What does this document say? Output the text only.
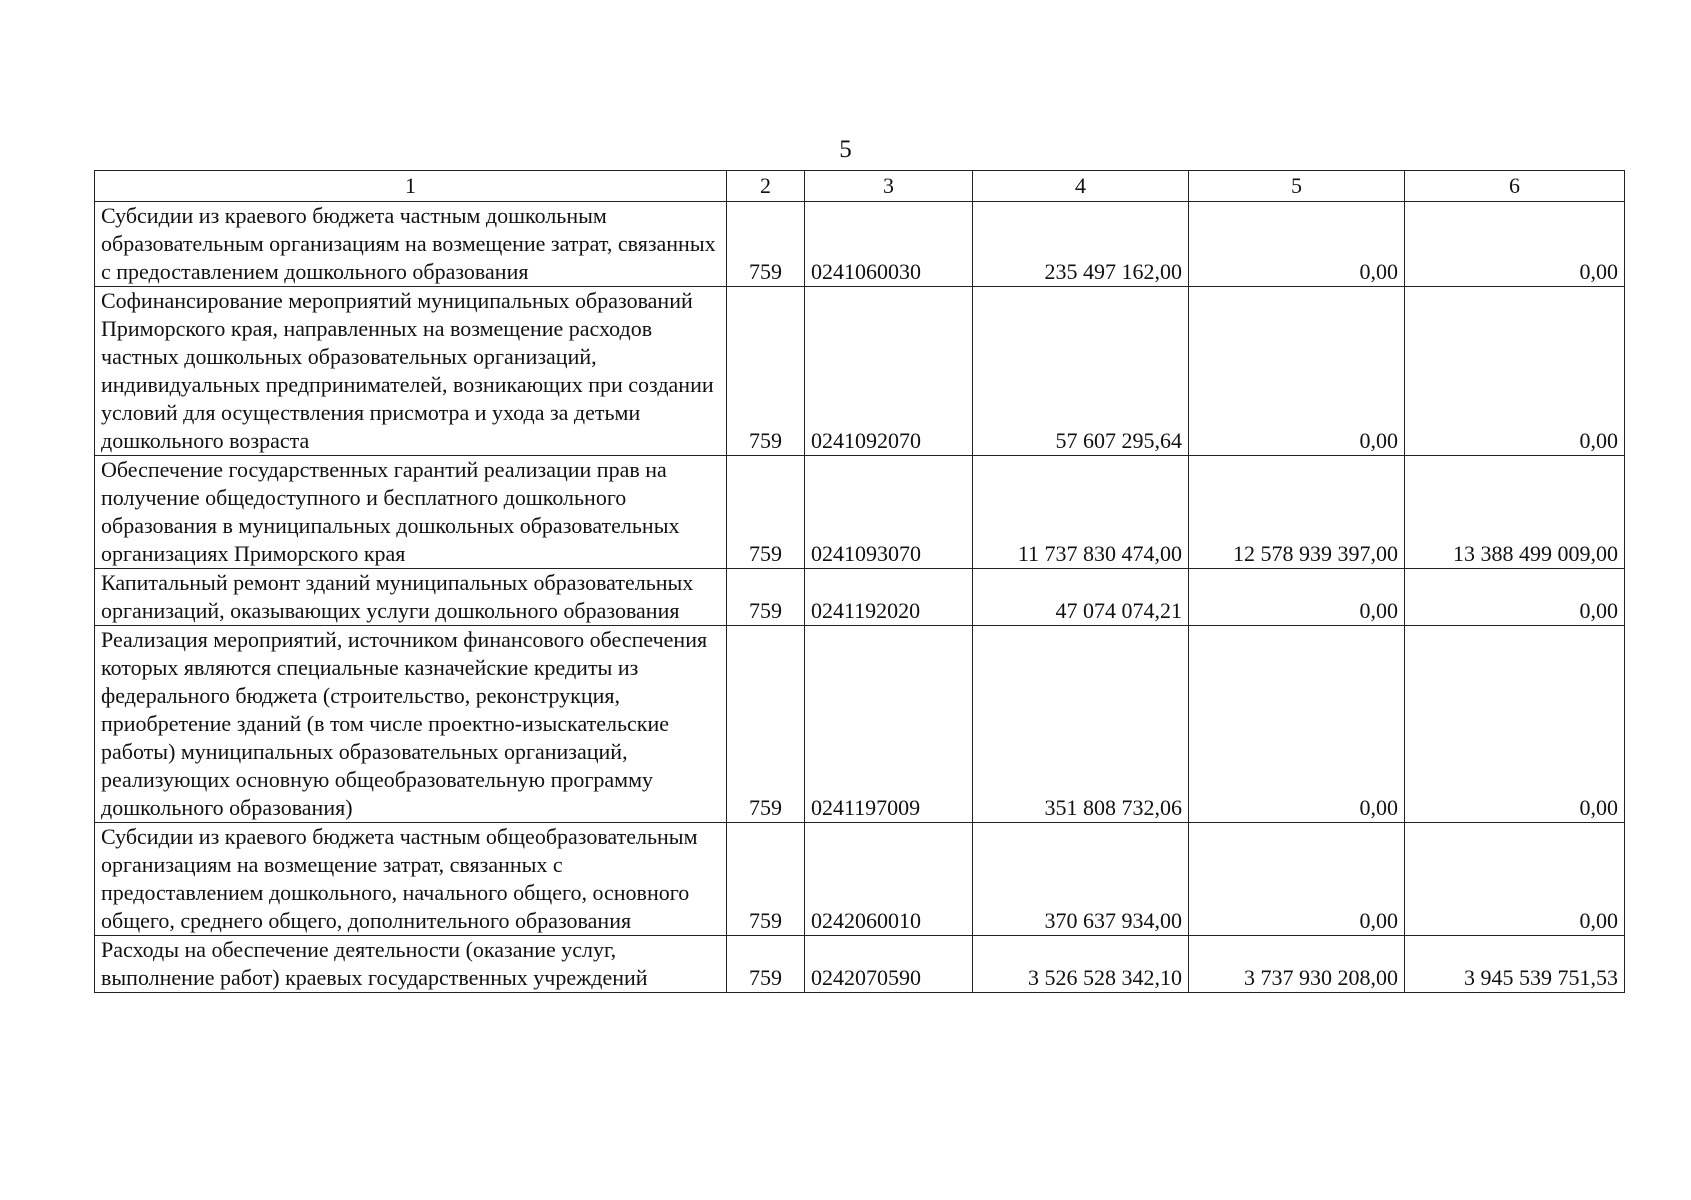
5
1	2	3	4	5	6
Субсидии из краевого бюджета частным дошкольным образовательным организациям на возмещение затрат, связанных с предоставлением дошкольного образования	759	0241060030	235 497 162,00	0,00	0,00
Софинансирование мероприятий муниципальных образований Приморского края, направленных на возмещение расходов частных дошкольных образовательных организаций, индивидуальных предпринимателей, возникающих при создании условий для осуществления присмотра и ухода за детьми дошкольного возраста	759	0241092070	57 607 295,64	0,00	0,00
Обеспечение государственных гарантий реализации прав на получение общедоступного и бесплатного дошкольного образования в муниципальных дошкольных образовательных организациях Приморского края	759	0241093070	11 737 830 474,00	12 578 939 397,00	13 388 499 009,00
Капитальный ремонт зданий муниципальных образовательных организаций, оказывающих услуги дошкольного образования	759	0241192020	47 074 074,21	0,00	0,00
Реализация мероприятий, источником финансового обеспечения которых являются специальные казначейские кредиты из федерального бюджета (строительство, реконструкция, приобретение зданий (в том числе проектно-изыскательские работы) муниципальных образовательных организаций, реализующих основную общеобразовательную программу дошкольного образования)	759	0241197009	351 808 732,06	0,00	0,00
Субсидии из краевого бюджета частным общеобразовательным организациям на возмещение затрат, связанных с предоставлением дошкольного, начального общего, основного общего, среднего общего, дополнительного образования	759	0242060010	370 637 934,00	0,00	0,00
Расходы на обеспечение деятельности (оказание услуг, выполнение работ) краевых государственных учреждений	759	0242070590	3 526 528 342,10	3 737 930 208,00	3 945 539 751,53
